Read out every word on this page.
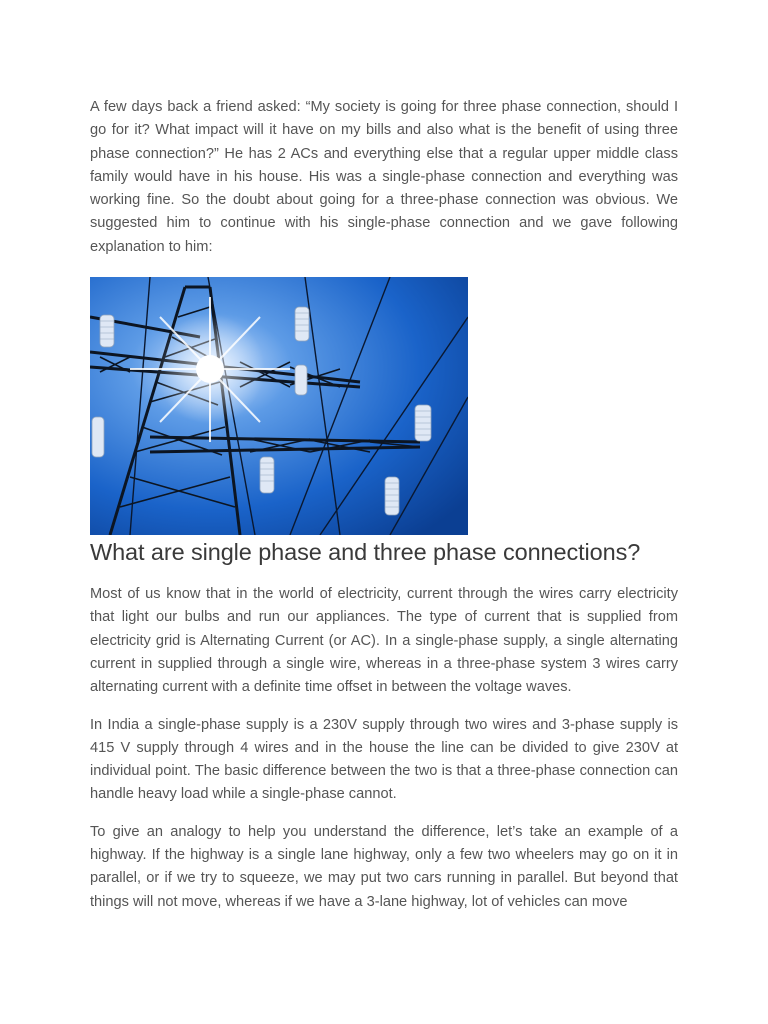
A few days back a friend asked: “My society is going for three phase connection, should I go for it? What impact will it have on my bills and also what is the benefit of using three phase connection?” He has 2 ACs and everything else that a regular upper middle class family would have in his house. His was a single-phase connection and everything was working fine. So the doubt about going for a three-phase connection was obvious. We suggested him to continue with his single-phase connection and we gave following explanation to him:

What are single phase and three phase connections?

Most of us know that in the world of electricity, current through the wires carry electricity that light our bulbs and run our appliances. The type of current that is supplied from electricity grid is Alternating Current (or AC). In a single-phase supply, a single alternating current in supplied through a single wire, whereas in a three-phase system 3 wires carry alternating current with a definite time offset in between the voltage waves.

In India a single-phase supply is a 230V supply through two wires and 3-phase supply is 415 V supply through 4 wires and in the house the line can be divided to give 230V at individual point. The basic difference between the two is that a three-phase connection can handle heavy load while a single-phase cannot.

To give an analogy to help you understand the difference, let’s take an example of a highway. If the highway is a single lane highway, only a few two wheelers may go on it in parallel, or if we try to squeeze, we may put two cars running in parallel. But beyond that things will not move, whereas if we have a 3-lane highway, lot of vehicles can move
